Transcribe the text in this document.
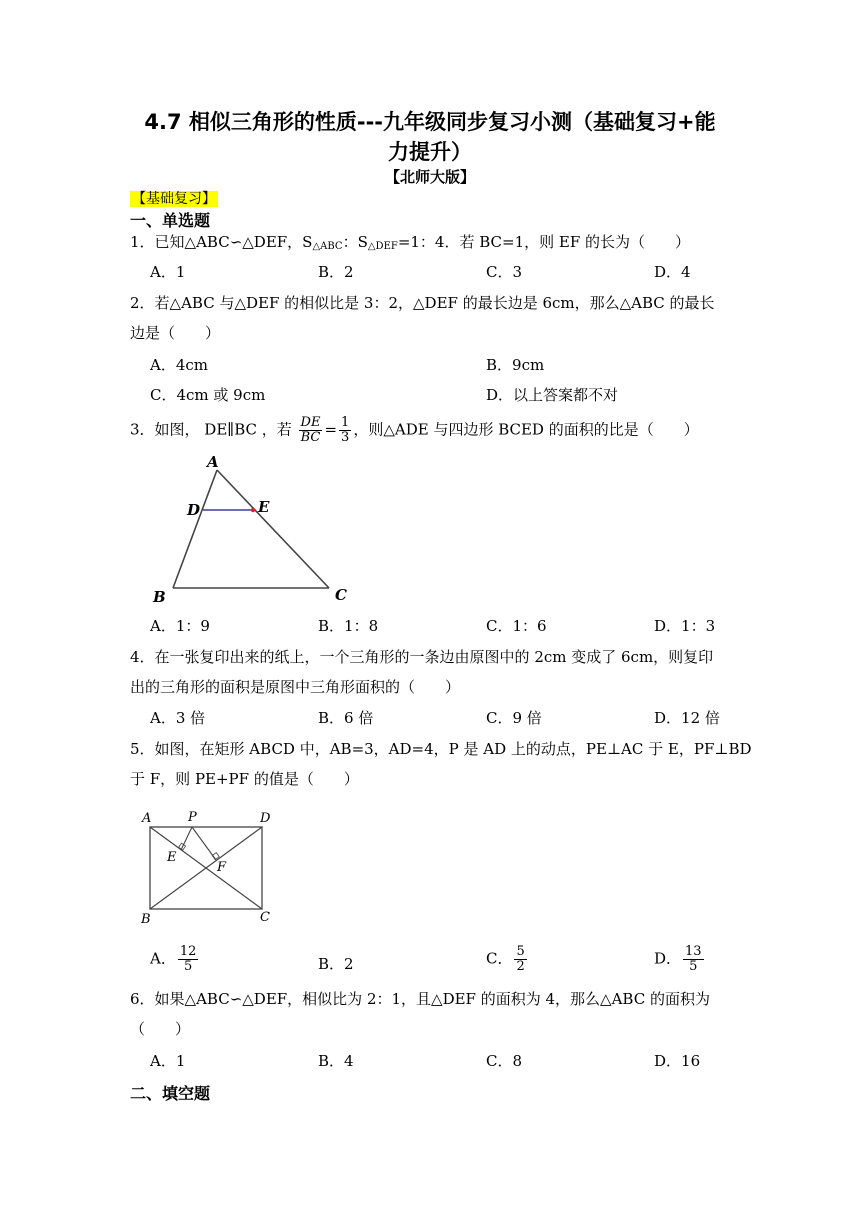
4.7 相似三角形的性质---九年级同步复习小测（基础复习+能
力提升）
【北师大版】
【基础复习】
一、单选题
1．已知△ABC∽△DEF，$S_{\triangle ABC}$：$S_{\triangle DEF}=1$：4．若 BC=1，则 EF 的长为（　　）
A．1	B．2	C．3	D．4
2．若△ABC 与△DEF 的相似比是 3：2，△DEF 的最长边是 6cm，那么△ABC 的最长
边是（　　）
A．4cm	B．9cm
C．4cm 或 9cm	D．以上答案都不对
3．如图， DE∥BC ，若 $\frac{DE}{BC} = \frac{1}{3}$ ，则△ADE 与四边形 BCED 的面积的比是（　　）
A
D	E
B	C
A．1：9	B．1：8	C．1：6	D．1：3
4．在一张复印出来的纸上，一个三角形的一条边由原图中的 2cm 变成了 6cm，则复印
出的三角形的面积是原图中三角形面积的（　　）
A．3 倍	B．6 倍	C．9 倍	D．12 倍
5．如图，在矩形 ABCD 中，AB=3，AD=4，P 是 AD 上的动点，PE⊥AC 于 E，PF⊥BD
于 F，则 PE+PF 的值是（　　）
A	P	D
E
F
B	C
A． $\frac{12}{5}$	B．2	C． $\frac{5}{2}$	D． $\frac{13}{5}$
6．如果△ABC∽△DEF，相似比为 2：1，且△DEF 的面积为 4，那么△ABC 的面积为
（　　）
A．1	B．4	C．8	D．16
二、填空题
